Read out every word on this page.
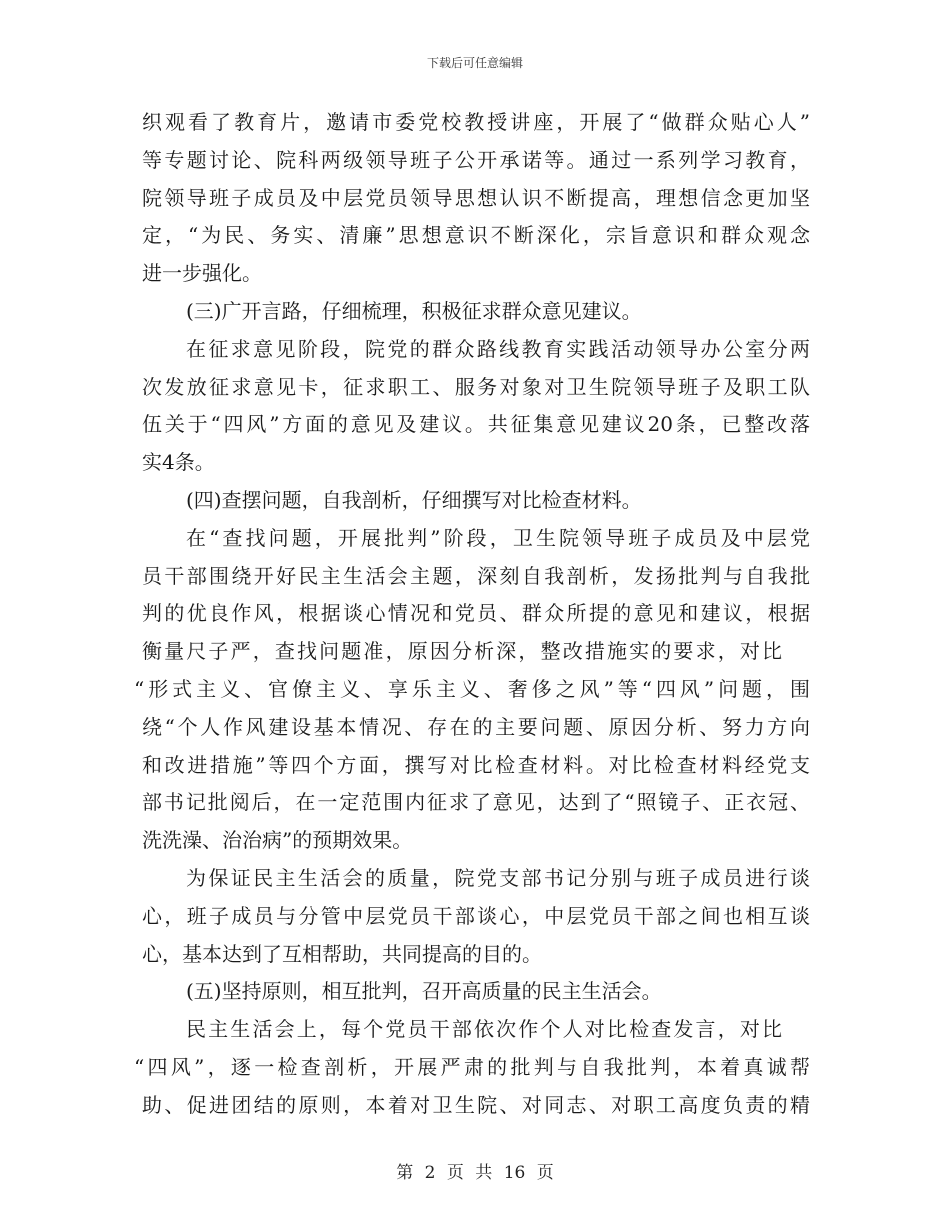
下载后可任意编辑
织观看了教育片，邀请市委党校教授讲座，开展了“做群众贴心人”
等专题讨论、院科两级领导班子公开承诺等。通过一系列学习教育，
院领导班子成员及中层党员领导思想认识不断提高，理想信念更加坚
定，“为民、务实、清廉”思想意识不断深化，宗旨意识和群众观念
进一步强化。
(三)广开言路，仔细梳理，积极征求群众意见建议。
在征求意见阶段，院党的群众路线教育实践活动领导办公室分两
次发放征求意见卡，征求职工、服务对象对卫生院领导班子及职工队
伍关于“四风”方面的意见及建议。共征集意见建议20条，已整改落
实4条。
(四)查摆问题，自我剖析，仔细撰写对比检查材料。
在“查找问题，开展批判”阶段，卫生院领导班子成员及中层党
员干部围绕开好民主生活会主题，深刻自我剖析，发扬批判与自我批
判的优良作风，根据谈心情况和党员、群众所提的意见和建议，根据
衡量尺子严，查找问题准，原因分析深，整改措施实的要求，对比
“形式主义、官僚主义、享乐主义、奢侈之风”等“四风”问题，围
绕“个人作风建设基本情况、存在的主要问题、原因分析、努力方向
和改进措施”等四个方面，撰写对比检查材料。对比检查材料经党支
部书记批阅后，在一定范围内征求了意见，达到了“照镜子、正衣冠、
洗洗澡、治治病”的预期效果。
为保证民主生活会的质量，院党支部书记分别与班子成员进行谈
心，班子成员与分管中层党员干部谈心，中层党员干部之间也相互谈
心，基本达到了互相帮助，共同提高的目的。
(五)坚持原则，相互批判，召开高质量的民主生活会。
民主生活会上，每个党员干部依次作个人对比检查发言，对比
“四风”，逐一检查剖析，开展严肃的批判与自我批判，本着真诚帮
助、促进团结的原则，本着对卫生院、对同志、对职工高度负责的精
第 2 页 共 16 页
